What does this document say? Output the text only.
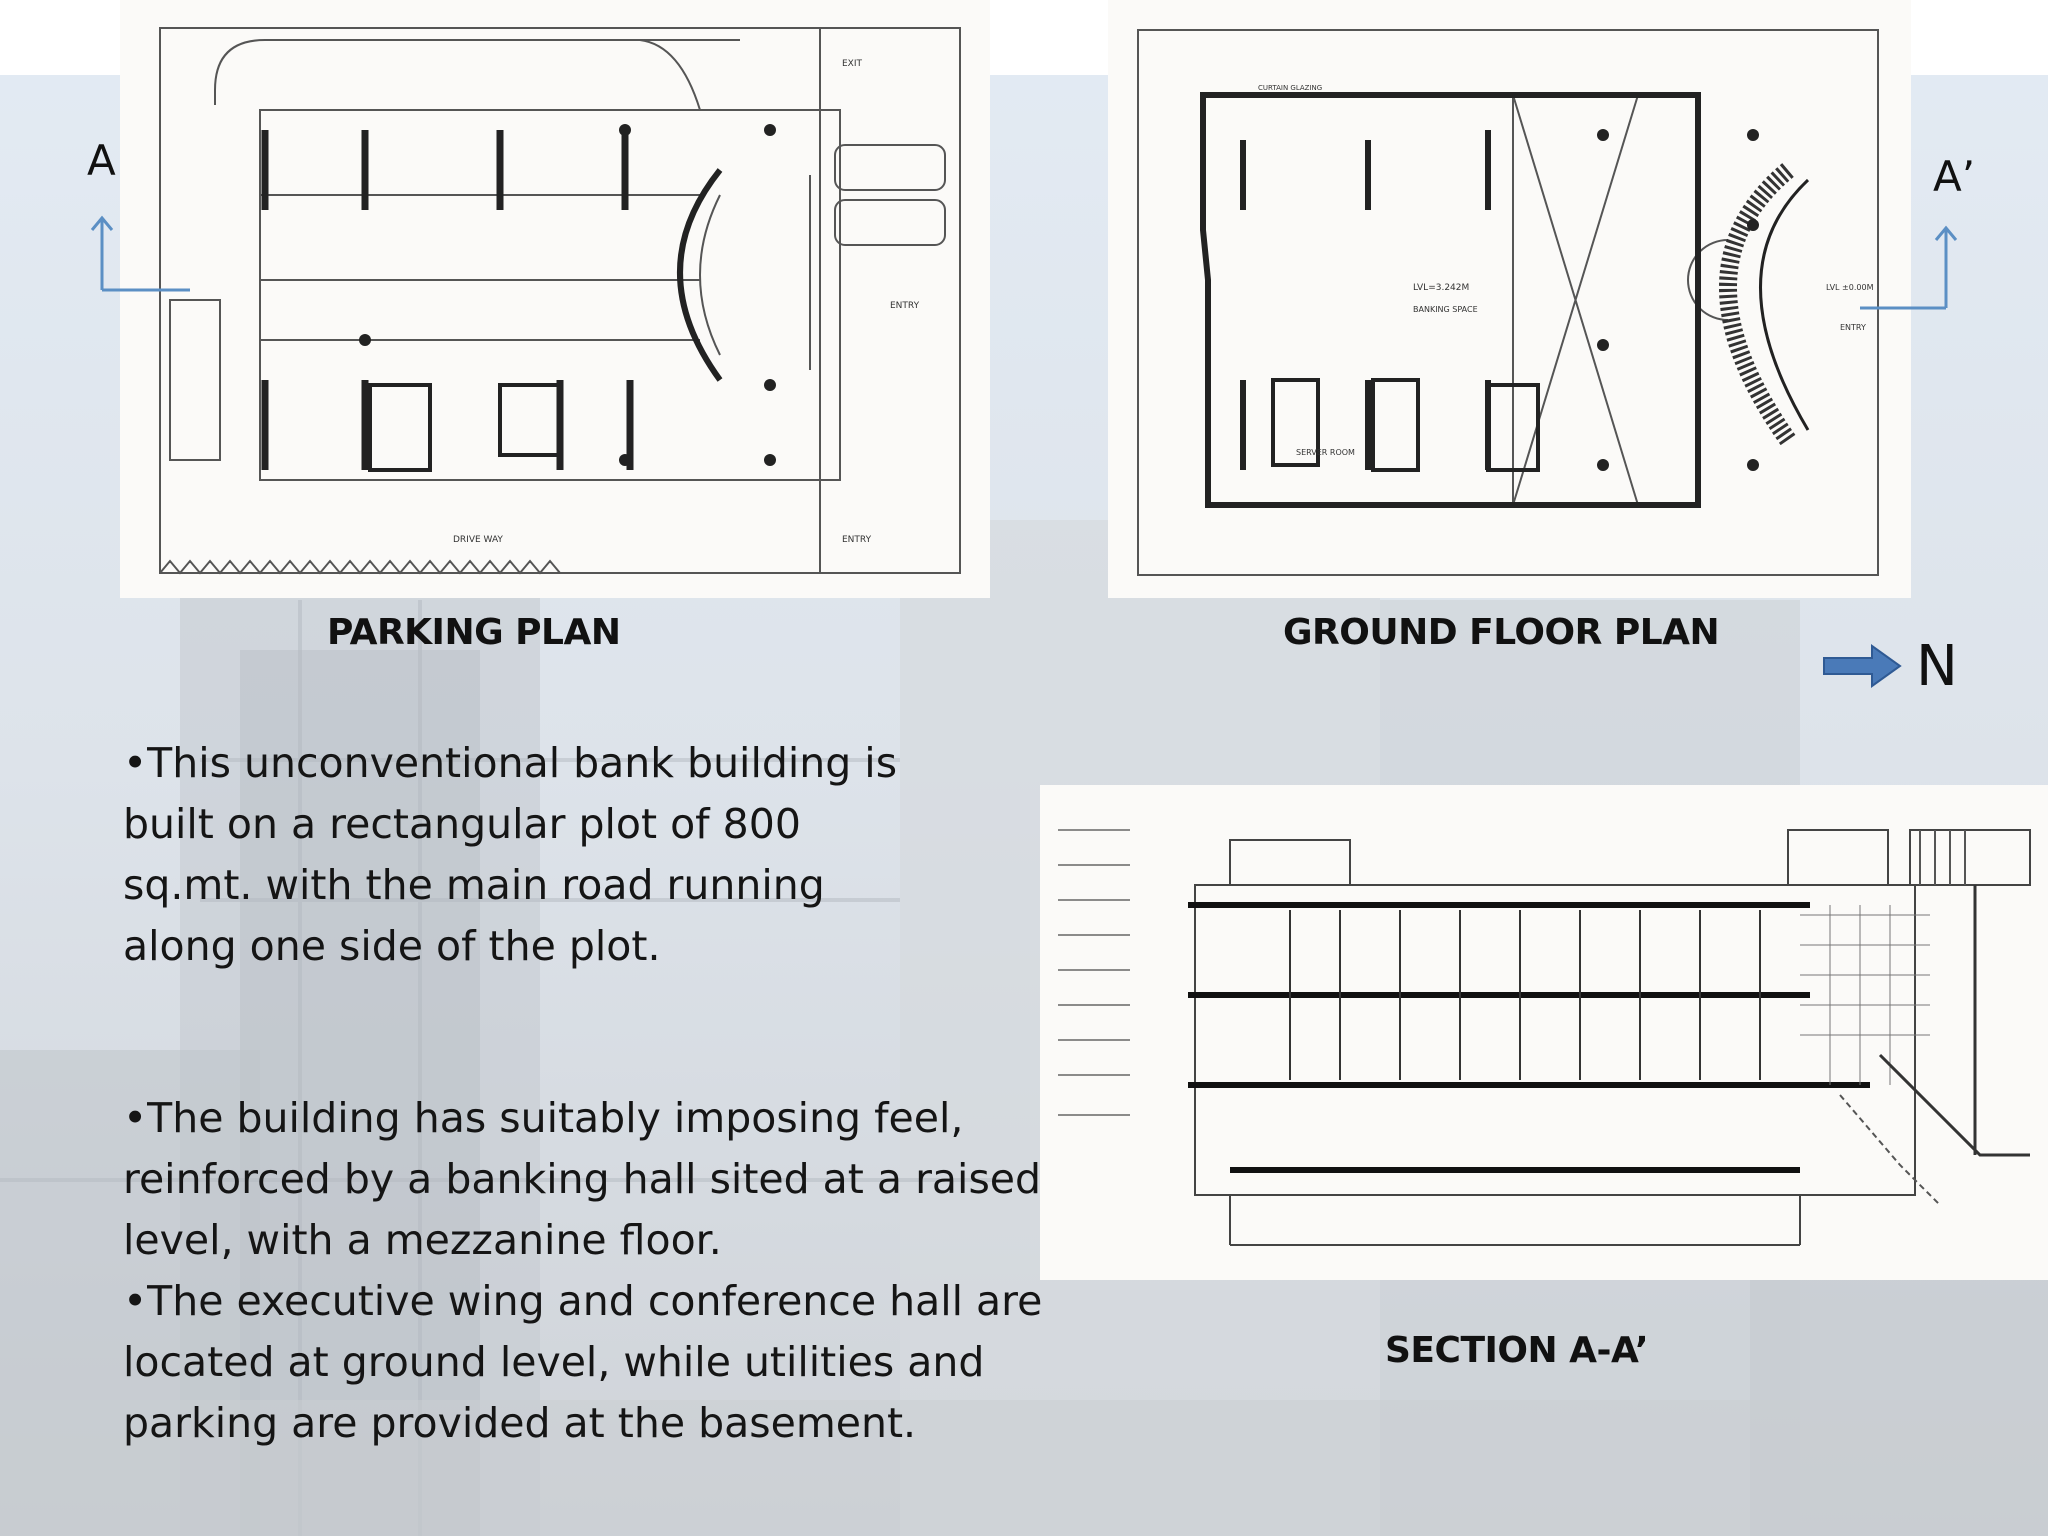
EXIT
ENTRY
ENTRY
DRIVE WAY
LVL=3.242M
BANKING SPACE
SERVER ROOM
LVL ±0.00M
ENTRY
CURTAIN GLAZING
A	A’
PARKING PLAN	GROUND FLOOR PLAN
SECTION A-A’
N

•This unconventional bank building is built on a rectangular plot of 800 sq.mt. with the main road running along one side of the plot.

•The building has suitably imposing feel, reinforced by a banking hall sited at a raised level, with a mezzanine floor.

•The executive wing and conference hall are located at ground level, while utilities and parking are provided at the basement.
